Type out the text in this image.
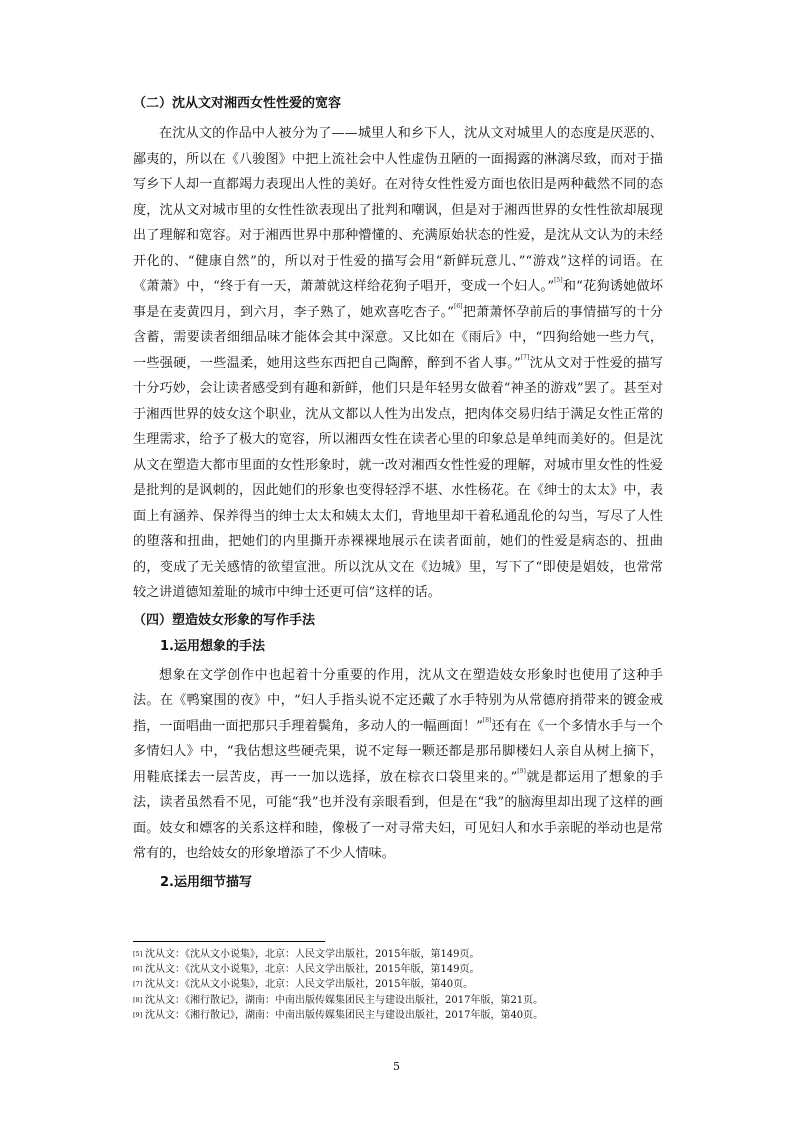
（二）沈从文对湘西女性性爱的宽容

在沈从文的作品中人被分为了——城里人和乡下人，沈从文对城里人的态度是厌恶的、鄙夷的，所以在《八骏图》中把上流社会中人性虚伪丑陋的一面揭露的淋漓尽致，而对于描写乡下人却一直都竭力表现出人性的美好。在对待女性性爱方面也依旧是两种截然不同的态度，沈从文对城市里的女性性欲表现出了批判和嘲讽，但是对于湘西世界的女性性欲却展现出了理解和宽容。对于湘西世界中那种懵懂的、充满原始状态的性爱，是沈从文认为的未经开化的、“健康自然”的，所以对于性爱的描写会用“新鲜玩意儿、”“游戏”这样的词语。在《萧萧》中，“终于有一天，萧萧就这样给花狗子唱开，变成一个妇人。”[5]和“花狗诱她做坏事是在麦黄四月，到六月，李子熟了，她欢喜吃杏子。”[6]把萧萧怀孕前后的事情描写的十分含蓄，需要读者细细品味才能体会其中深意。又比如在《雨后》中，“四狗给她一些力气，一些强硬，一些温柔，她用这些东西把自己陶醉，醉到不省人事。”[7]沈从文对于性爱的描写十分巧妙，会让读者感受到有趣和新鲜，他们只是年轻男女做着“神圣的游戏”罢了。甚至对于湘西世界的妓女这个职业，沈从文都以人性为出发点，把肉体交易归结于满足女性正常的生理需求，给予了极大的宽容，所以湘西女性在读者心里的印象总是单纯而美好的。但是沈从文在塑造大都市里面的女性形象时，就一改对湘西女性性爱的理解，对城市里女性的性爱是批判的是讽刺的，因此她们的形象也变得轻浮不堪、水性杨花。在《绅士的太太》中，表面上有涵养、保养得当的绅士太太和姨太太们，背地里却干着私通乱伦的勾当，写尽了人性的堕落和扭曲，把她们的内里撕开赤裸裸地展示在读者面前，她们的性爱是病态的、扭曲的，变成了无关感情的欲望宣泄。所以沈从文在《边城》里，写下了“即使是娼妓，也常常较之讲道德知羞耻的城市中绅士还更可信”这样的话。

（四）塑造妓女形象的写作手法
1.运用想象的手法

想象在文学创作中也起着十分重要的作用，沈从文在塑造妓女形象时也使用了这种手法。在《鸭窠围的夜》中，“妇人手指头说不定还戴了水手特别为从常德府捎带来的镀金戒指，一面唱曲一面把那只手理着鬓角，多动人的一幅画面！”[8]还有在《一个多情水手与一个多情妇人》中，“我估想这些硬壳果，说不定每一颗还都是那吊脚楼妇人亲自从树上摘下，用鞋底揉去一层苦皮，再一一加以选择，放在棕衣口袋里来的。”[9]就是都运用了想象的手法，读者虽然看不见，可能“我”也并没有亲眼看到，但是在“我”的脑海里却出现了这样的画面。妓女和嫖客的关系这样和睦，像极了一对寻常夫妇，可见妇人和水手亲昵的举动也是常常有的，也给妓女的形象增添了不少人情味。

2.运用细节描写
[5] 沈从文：《沈从文小说集》，北京：人民文学出版社，2015年版，第149页。
[6] 沈从文：《沈从文小说集》，北京：人民文学出版社，2015年版，第149页。
[7] 沈从文：《沈从文小说集》，北京：人民文学出版社，2015年版，第40页。
[8] 沈从文：《湘行散记》，湖南：中南出版传媒集团民主与建设出版社，2017年版，第21页。
[9] 沈从文：《湘行散记》，湖南：中南出版传媒集团民主与建设出版社，2017年版，第40页。
5
